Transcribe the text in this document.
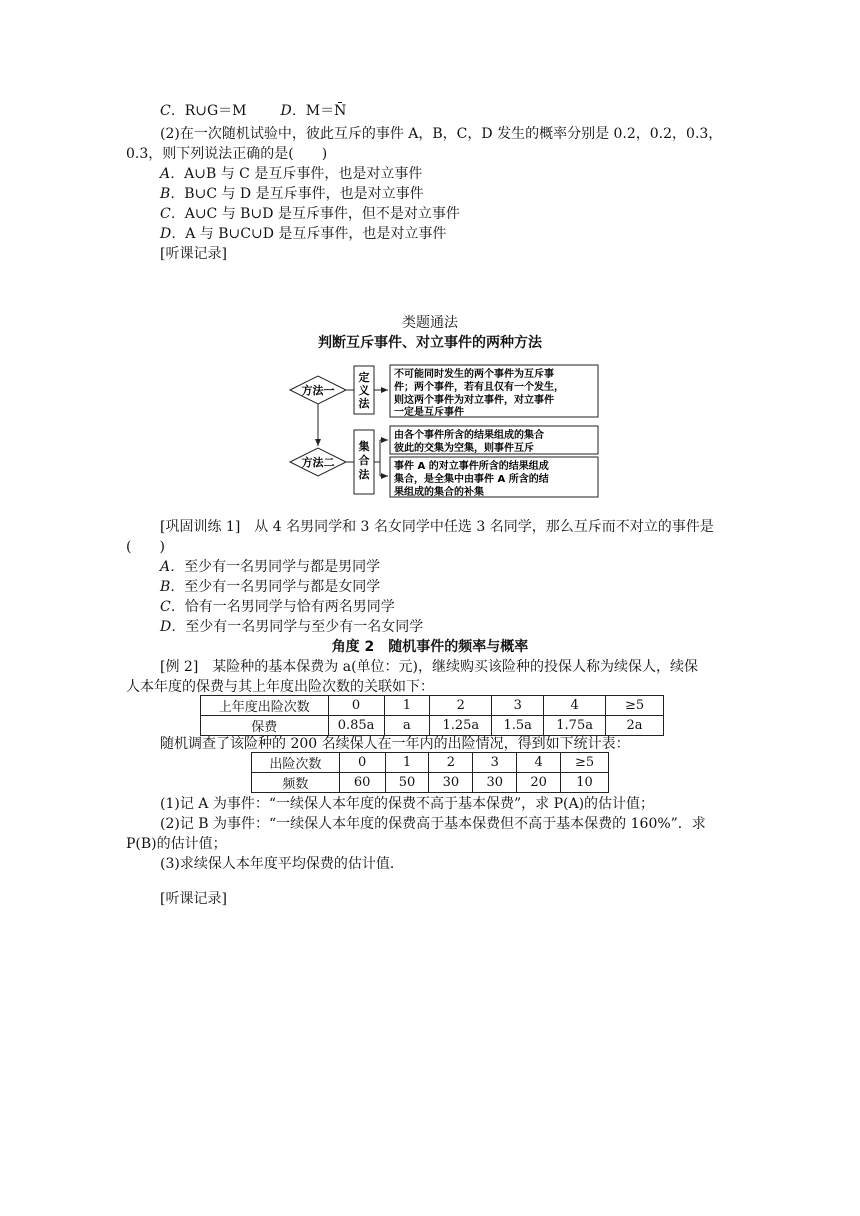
C．R∪G＝M D．M＝N̄
(2)在一次随机试验中，彼此互斥的事件 A，B，C，D 发生的概率分别是 0.2，0.2，0.3，
0.3，则下列说法正确的是(　　)
A．A∪B 与 C 是互斥事件，也是对立事件
B．B∪C 与 D 是互斥事件，也是对立事件
C．A∪C 与 B∪D 是互斥事件，但不是对立事件
D．A 与 B∪C∪D 是互斥事件，也是对立事件
[听课记录]
类题通法
判断互斥事件、对立事件的两种方法
方法一
定
义
法
不可能同时发生的两个事件为互斥事
件；两个事件，若有且仅有一个发生，
则这两个事件为对立事件，对立事件
一定是互斥事件
方法二
集
合
法
由各个事件所含的结果组成的集合
彼此的交集为空集，则事件互斥
事件 A 的对立事件所含的结果组成
集合，是全集中由事件 A 所含的结
果组成的集合的补集
[巩固训练 1]　从 4 名男同学和 3 名女同学中任选 3 名同学，那么互斥而不对立的事件是
(　　)
A．至少有一名男同学与都是男同学
B．至少有一名男同学与都是女同学
C．恰有一名男同学与恰有两名男同学
D．至少有一名男同学与至少有一名女同学
角度 2　随机事件的频率与概率
[例 2]　某险种的基本保费为 a(单位：元)，继续购买该险种的投保人称为续保人，续保
人本年度的保费与其上年度出险次数的关联如下：
上年度出险次数	0	1	2	3	4	≥5
保费	0.85a	a	1.25a	1.5a	1.75a	2a
随机调查了该险种的 200 名续保人在一年内的出险情况，得到如下统计表：
出险次数	0	1	2	3	4	≥5
频数	60	50	30	30	20	10
(1)记 A 为事件：“一续保人本年度的保费不高于基本保费”，求 P(A)的估计值；
(2)记 B 为事件：“一续保人本年度的保费高于基本保费但不高于基本保费的 160%”．求
P(B)的估计值；
(3)求续保人本年度平均保费的估计值．
[听课记录]
